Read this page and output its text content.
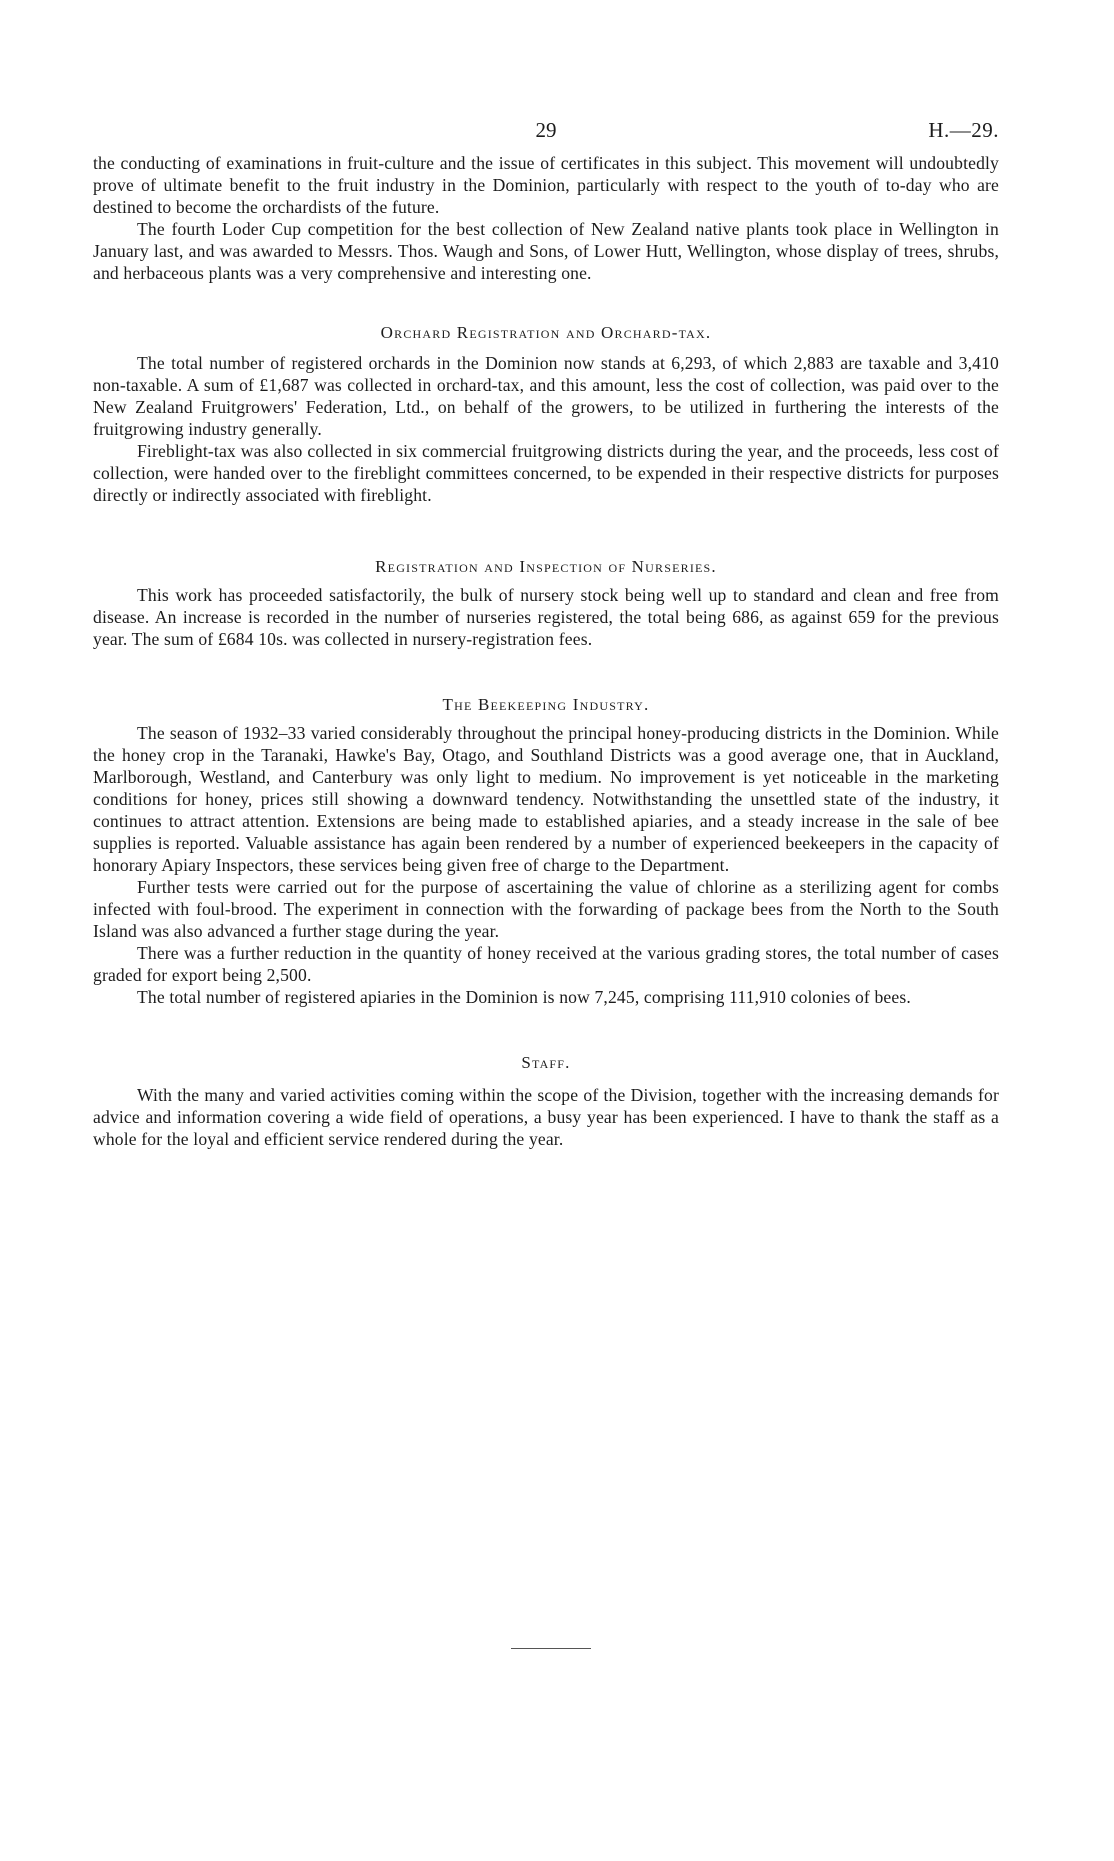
29	H.—29.

the conducting of examinations in fruit-culture and the issue of certificates in this subject. This movement will undoubtedly prove of ultimate benefit to the fruit industry in the Dominion, particularly with respect to the youth of to-day who are destined to become the orchardists of the future.

The fourth Loder Cup competition for the best collection of New Zealand native plants took place in Wellington in January last, and was awarded to Messrs. Thos. Waugh and Sons, of Lower Hutt, Wellington, whose display of trees, shrubs, and herbaceous plants was a very comprehensive and interesting one.

Orchard Registration and Orchard-tax.

The total number of registered orchards in the Dominion now stands at 6,293, of which 2,883 are taxable and 3,410 non-taxable. A sum of £1,687 was collected in orchard-tax, and this amount, less the cost of collection, was paid over to the New Zealand Fruitgrowers' Federation, Ltd., on behalf of the growers, to be utilized in furthering the interests of the fruitgrowing industry generally.

Fireblight-tax was also collected in six commercial fruitgrowing districts during the year, and the proceeds, less cost of collection, were handed over to the fireblight committees concerned, to be expended in their respective districts for purposes directly or indirectly associated with fireblight.

Registration and Inspection of Nurseries.

This work has proceeded satisfactorily, the bulk of nursery stock being well up to standard and clean and free from disease. An increase is recorded in the number of nurseries registered, the total being 686, as against 659 for the previous year. The sum of £684 10s. was collected in nursery-registration fees.

The Beekeeping Industry.

The season of 1932–33 varied considerably throughout the principal honey-producing districts in the Dominion. While the honey crop in the Taranaki, Hawke's Bay, Otago, and Southland Districts was a good average one, that in Auckland, Marlborough, Westland, and Canterbury was only light to medium. No improvement is yet noticeable in the marketing conditions for honey, prices still showing a downward tendency. Notwithstanding the unsettled state of the industry, it continues to attract attention. Extensions are being made to established apiaries, and a steady increase in the sale of bee supplies is reported. Valuable assistance has again been rendered by a number of experienced beekeepers in the capacity of honorary Apiary Inspectors, these services being given free of charge to the Department.

Further tests were carried out for the purpose of ascertaining the value of chlorine as a sterilizing agent for combs infected with foul-brood. The experiment in connection with the forwarding of package bees from the North to the South Island was also advanced a further stage during the year.

There was a further reduction in the quantity of honey received at the various grading stores, the total number of cases graded for export being 2,500.

The total number of registered apiaries in the Dominion is now 7,245, comprising 111,910 colonies of bees.

Staff.

With the many and varied activities coming within the scope of the Division, together with the increasing demands for advice and information covering a wide field of operations, a busy year has been experienced. I have to thank the staff as a whole for the loyal and efficient service rendered during the year.
